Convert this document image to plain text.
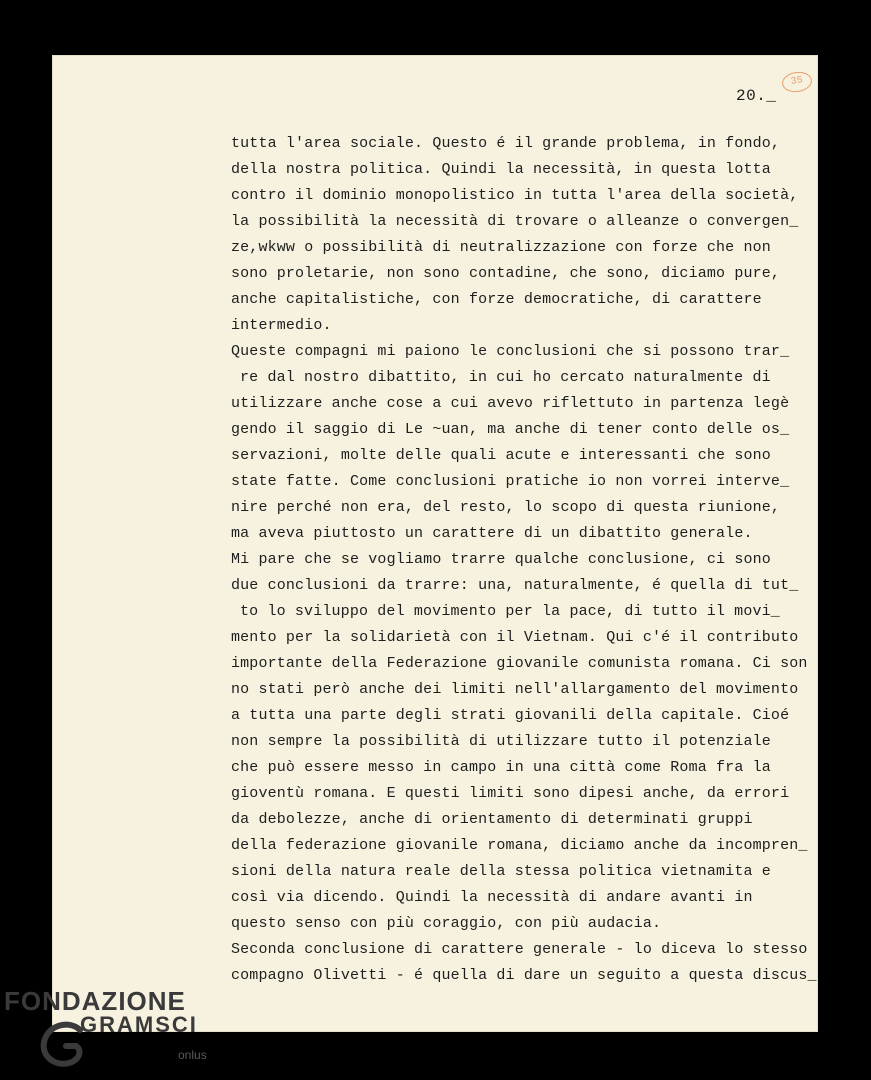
20._
35
tutta l'area sociale. Questo é il grande problema, in fondo,
della nostra politica. Quindi la necessità, in questa lotta
contro il dominio monopolistico in tutta l'area della società,
la possibilità la necessità di trovare o alleanze o convergen_
ze,wkww o possibilità di neutralizzazione con forze che non
sono proletarie, non sono contadine, che sono, diciamo pure,
anche capitalistiche, con forze democratiche, di carattere
intermedio.
Queste compagni mi paiono le conclusioni che si possono trar_
re dal nostro dibattito, in cui ho cercato naturalmente di
utilizzare anche cose a cui avevo riflettuto in partenza legè
gendo il saggio di Le ~uan, ma anche di tener conto delle os_
servazioni, molte delle quali acute e interessanti che sono
state fatte. Come conclusioni pratiche io non vorrei interve_
nire perché non era, del resto, lo scopo di questa riunione,
ma aveva piuttosto un carattere di un dibattito generale.
Mi pare che se vogliamo trarre qualche conclusione, ci sono
due conclusioni da trarre: una, naturalmente, é quella di tut_
to lo sviluppo del movimento per la pace, di tutto il movi_
mento per la solidarietà con il Vietnam. Qui c'é il contributo
importante della Federazione giovanile comunista romana. Ci son
no stati però anche dei limiti nell'allargamento del movimento
a tutta una parte degli strati giovanili della capitale. Cioé
non sempre la possibilità di utilizzare tutto il potenziale
che può essere messo in campo in una città come Roma fra la
gioventù romana. E questi limiti sono dipesi anche, da errori
da debolezze, anche di orientamento di determinati gruppi
della federazione giovanile romana, diciamo anche da incompren_
sioni della natura reale della stessa politica vietnamita e
così via dicendo. Quindi la necessità di andare avanti in
questo senso con più coraggio, con più audacia.
Seconda conclusione di carattere generale - lo diceva lo stesso
compagno Olivetti - é quella di dare un seguito a questa discus_
FONDAZIONE
GRAMSCI
onlus
